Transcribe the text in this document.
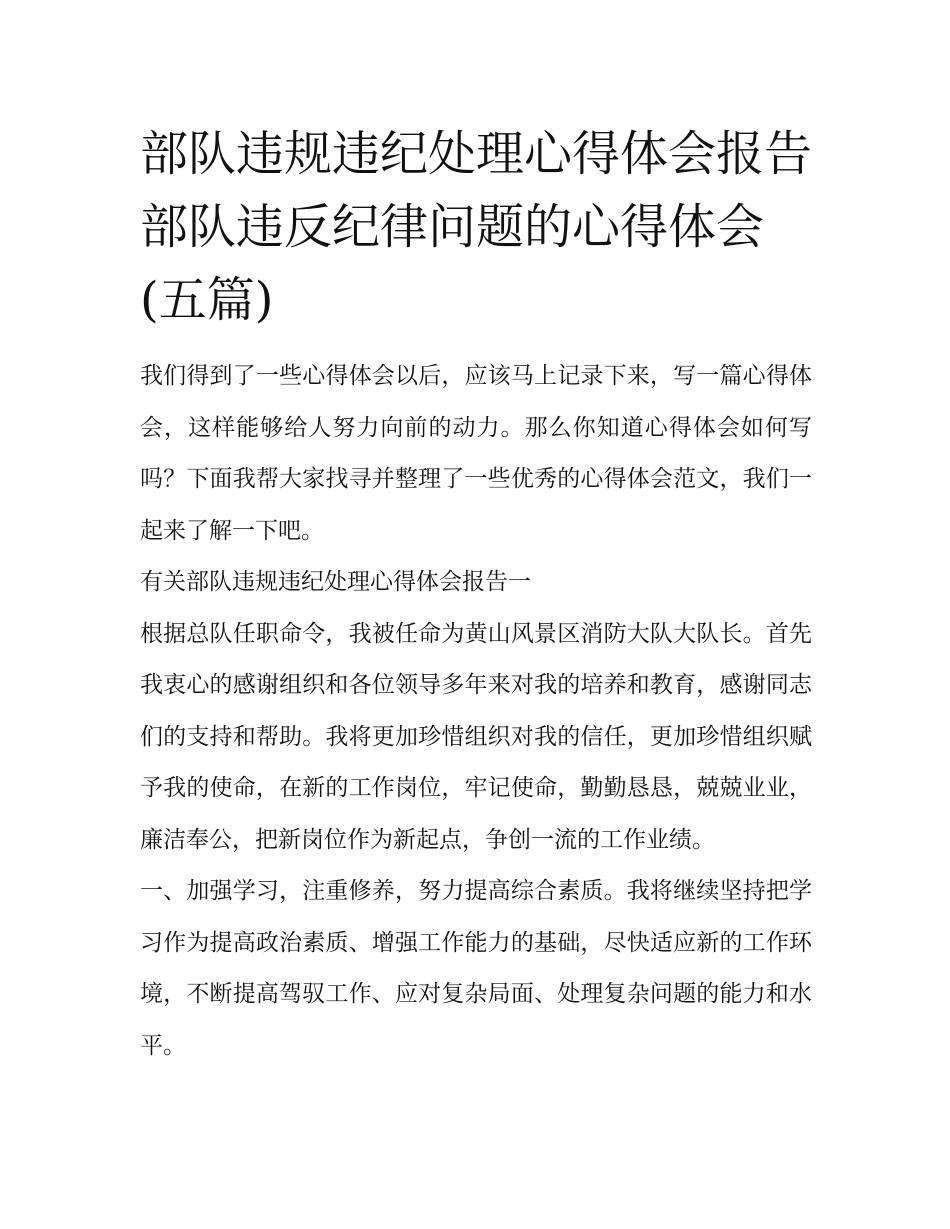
部队违规违纪处理心得体会报告 部队违反纪律问题的心得体会(五篇)

我们得到了一些心得体会以后，应该马上记录下来，写一篇心得体会，这样能够给人努力向前的动力。那么你知道心得体会如何写吗？下面我帮大家找寻并整理了一些优秀的心得体会范文，我们一起来了解一下吧。

有关部队违规违纪处理心得体会报告一

根据总队任职命令，我被任命为黄山风景区消防大队大队长。首先我衷心的感谢组织和各位领导多年来对我的培养和教育，感谢同志们的支持和帮助。我将更加珍惜组织对我的信任，更加珍惜组织赋予我的使命，在新的工作岗位，牢记使命，勤勤恳恳，兢兢业业，廉洁奉公，把新岗位作为新起点，争创一流的工作业绩。

一、加强学习，注重修养，努力提高综合素质。我将继续坚持把学习作为提高政治素质、增强工作能力的基础，尽快适应新的工作环境，不断提高驾驭工作、应对复杂局面、处理复杂问题的能力和水平。
